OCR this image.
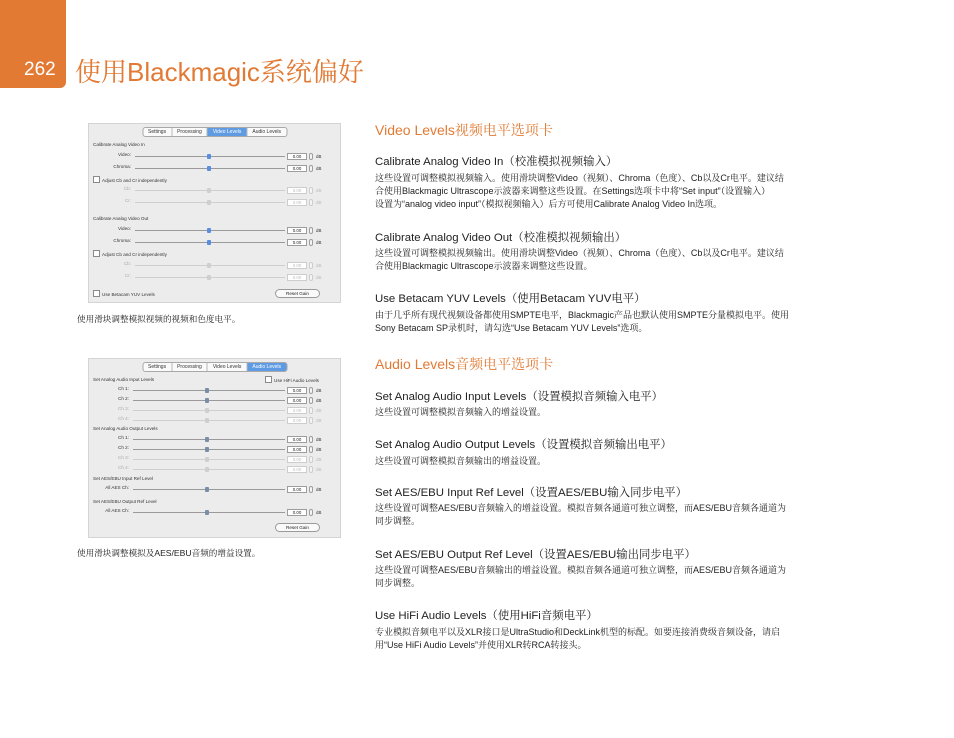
262 使用Blackmagic系统偏好
Settings	Processing	Video Levels	Audio Levels
Calibrate Analog Video In
Video:	0.00	dB
Chroma:	0.00	dB
Adjust Cb and Cr independently
Cb:	0.00	dB
Cr:	0.00	dB
Calibrate Analog Video Out
Video:	0.00	dB
Chroma:	0.00	dB
Adjust Cb and Cr independently
Cb:	0.00	dB
Cr:	0.00	dB
Use Betacam YUV Levels	Reset Gain
使用滑块调整模拟视频的视频和色度电平。
Settings	Processing	Video Levels	Audio Levels
Set Analog Audio Input Levels	Use HiFi Audio Levels
Ch 1:	0.00	dB
Ch 2:	0.00	dB
Ch 3:	0.00	dB
Ch 4:	0.00	dB
Set Analog Audio Output Levels
Ch 1:	0.00	dB
Ch 2:	0.00	dB
Ch 3:	0.00	dB
Ch 4:	0.00	dB
Set AES/EBU Input Ref Level
All AES Ch:	0.00	dB
Set AES/EBU Output Ref Level
All AES Ch:	0.00	dB
Reset Gain
使用滑块调整模拟及AES/EBU音频的增益设置。
Video Levels视频电平选项卡
Calibrate Analog Video In（校准模拟视频输入）
这些设置可调整模拟视频输入。使用滑块调整Video（视频）、Chroma（色度）、Cb以及Cr电平。建议结
合使用Blackmagic Ultrascope示波器来调整这些设置。在Settings选项卡中将“Set input”（设置输入）
设置为“analog video input”（模拟视频输入）后方可使用Calibrate Analog Video In选项。
Calibrate Analog Video Out（校准模拟视频输出）
这些设置可调整模拟视频输出。使用滑块调整Video（视频）、Chroma（色度）、Cb以及Cr电平。建议结
合使用Blackmagic Ultrascope示波器来调整这些设置。
Use Betacam YUV Levels（使用Betacam YUV电平）
由于几乎所有现代视频设备都使用SMPTE电平，Blackmagic产品也默认使用SMPTE分量模拟电平。使用
Sony Betacam SP录机时，请勾选“Use Betacam YUV Levels”选项。
Audio Levels音频电平选项卡
Set Analog Audio Input Levels（设置模拟音频输入电平）
这些设置可调整模拟音频输入的增益设置。
Set Analog Audio Output Levels（设置模拟音频输出电平）
这些设置可调整模拟音频输出的增益设置。
Set AES/EBU Input Ref Level（设置AES/EBU输入同步电平）
这些设置可调整AES/EBU音频输入的增益设置。模拟音频各通道可独立调整，而AES/EBU音频各通道为
同步调整。
Set AES/EBU Output Ref Level（设置AES/EBU输出同步电平）
这些设置可调整AES/EBU音频输出的增益设置。模拟音频各通道可独立调整，而AES/EBU音频各通道为
同步调整。
Use HiFi Audio Levels（使用HiFi音频电平）
专业模拟音频电平以及XLR接口是UltraStudio和DeckLink机型的标配。如要连接消费级音频设备，请启
用“Use HiFi Audio Levels”并使用XLR转RCA转接头。
